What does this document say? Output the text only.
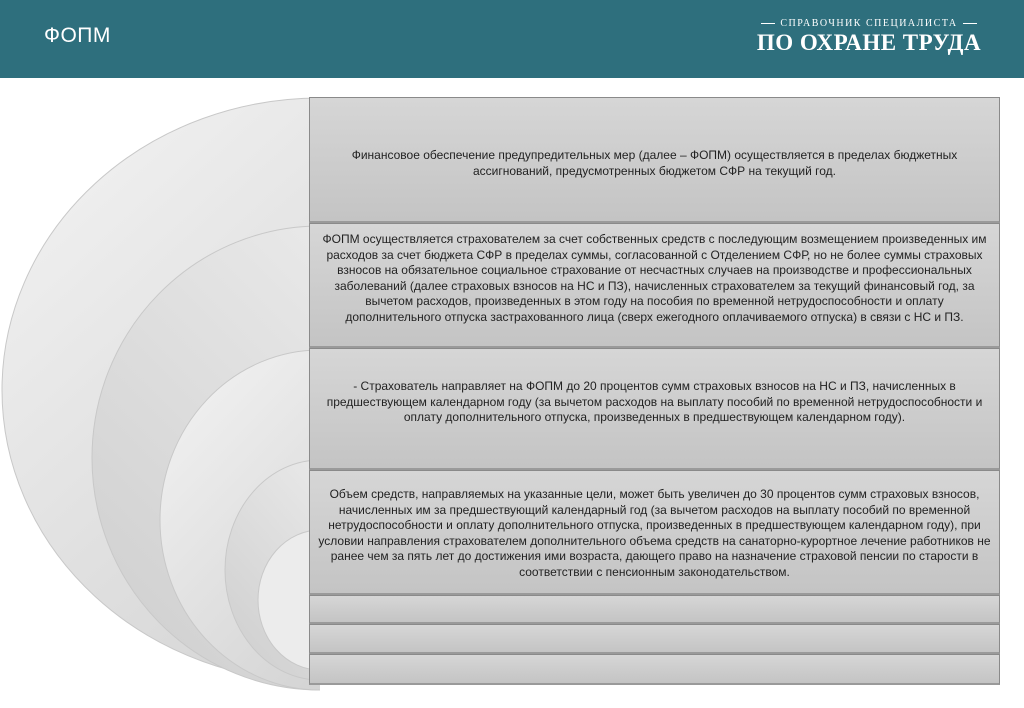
ФОПМ
СПРАВОЧНИК СПЕЦИАЛИСТА
ПО ОХРАНЕ ТРУДА
Финансовое обеспечение предупредительных мер (далее – ФОПМ) осуществляется в пределах бюджетных ассигнований, предусмотренных бюджетом СФР на текущий год.
ФОПМ осуществляется страхователем за счет собственных средств с последующим возмещением произведенных им расходов за счет бюджета СФР в пределах суммы, согласованной с Отделением СФР, но не более суммы страховых взносов на обязательное социальное страхование от несчастных случаев на производстве и профессиональных заболеваний (далее страховых взносов на НС и ПЗ), начисленных страхователем за текущий финансовый год, за вычетом расходов, произведенных в этом году на пособия по временной нетрудоспособности и оплату дополнительного отпуска застрахованного лица (сверх ежегодного оплачиваемого отпуска) в связи с НС и ПЗ.
- Страхователь направляет на ФОПМ до 20 процентов сумм страховых взносов на НС и ПЗ, начисленных в предшествующем календарном году (за вычетом расходов на выплату пособий по временной нетрудоспособности и оплату дополнительного отпуска, произведенных в предшествующем календарном году).
Объем средств, направляемых на указанные цели, может быть увеличен до 30 процентов сумм страховых взносов, начисленных им за предшествующий календарный год (за вычетом расходов на выплату пособий по временной нетрудоспособности и оплату дополнительного отпуска, произведенных в предшествующем календарном году), при условии направления страхователем дополнительного объема средств на санаторно-курортное лечение работников не ранее чем за пять лет до достижения ими возраста, дающего право на назначение страховой пенсии по старости в соответствии с пенсионным законодательством.
